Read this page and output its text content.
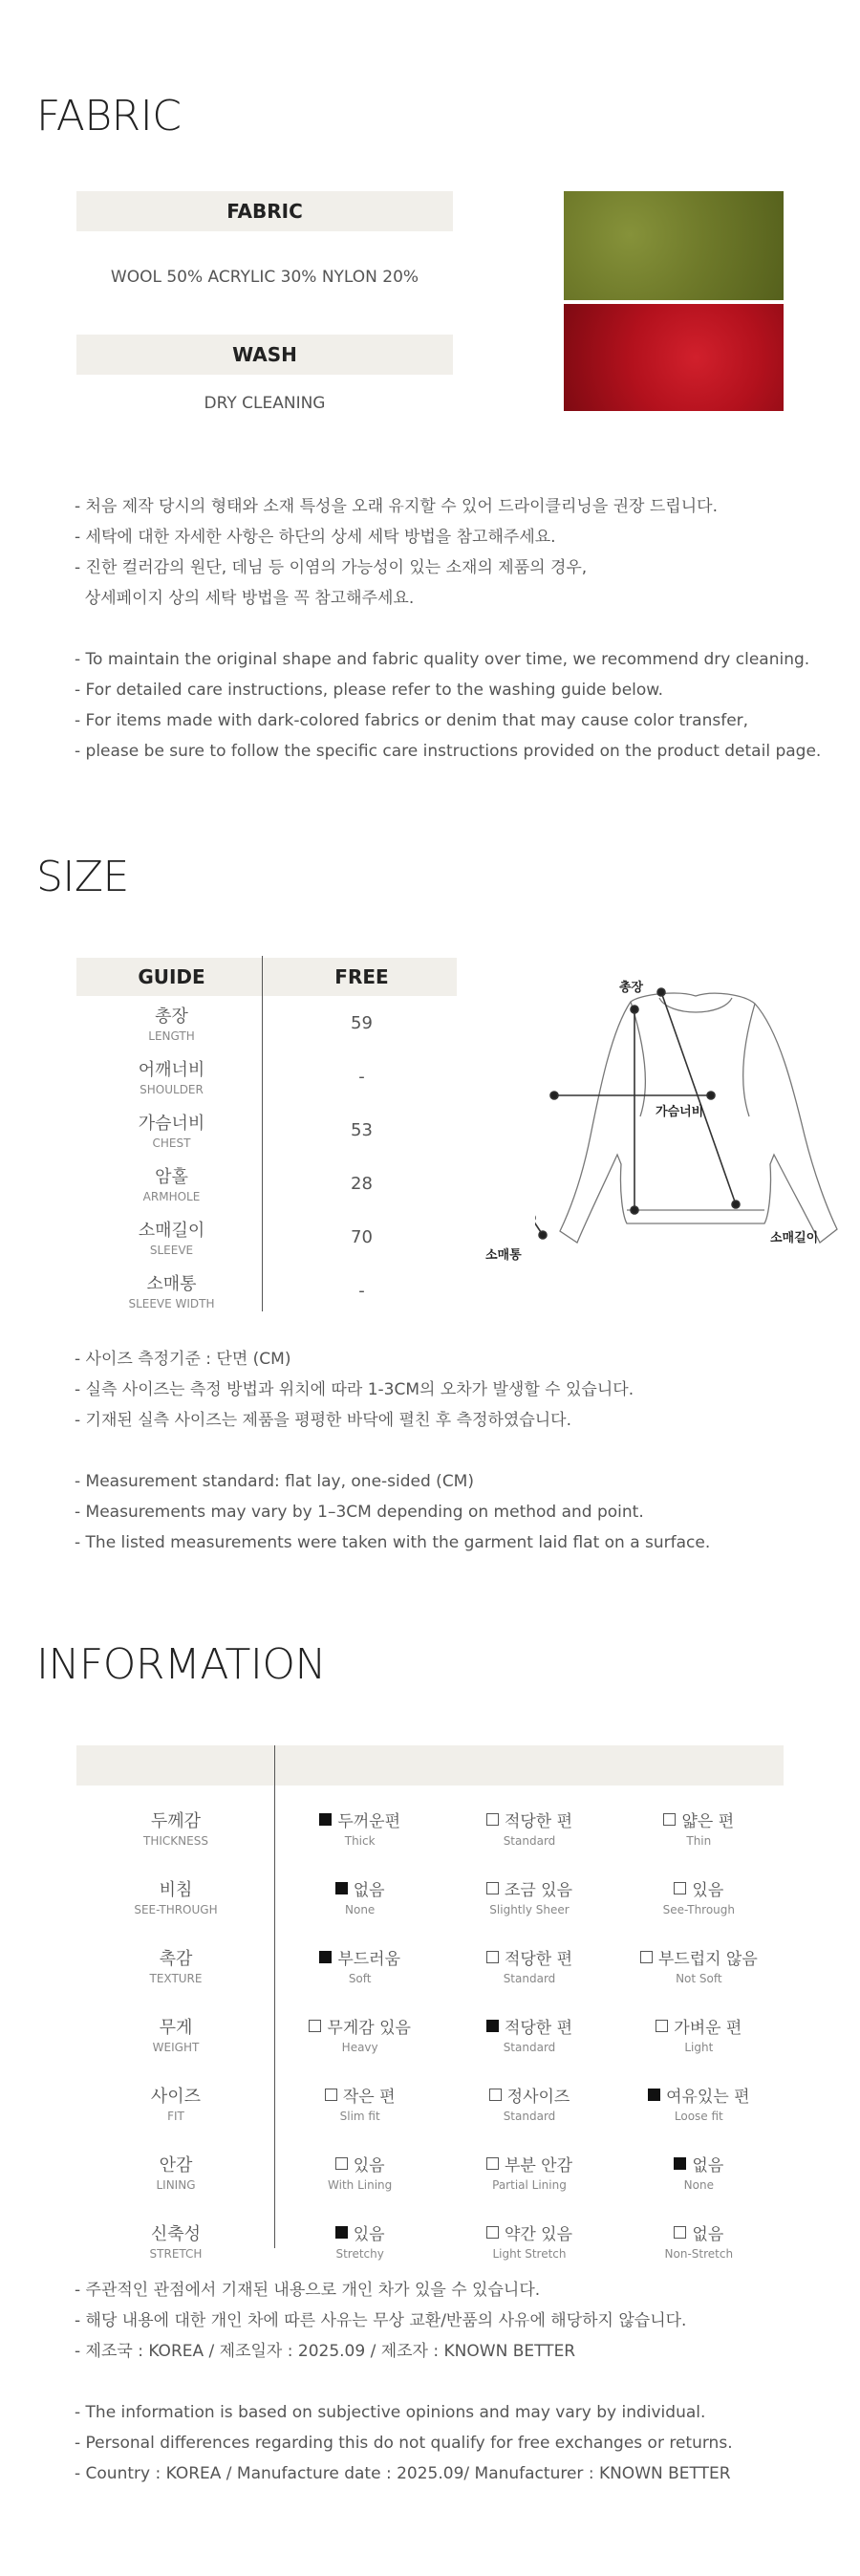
FABRIC
FABRIC
WOOL 50% ACRYLIC 30% NYLON 20%
WASH
DRY CLEANING
- 처음 제작 당시의 형태와 소재 특성을 오래 유지할 수 있어 드라이클리닝을 권장 드립니다.
- 세탁에 대한 자세한 사항은 하단의 상세 세탁 방법을 참고해주세요.
- 진한 컬러감의 원단, 데님 등 이염의 가능성이 있는 소재의 제품의 경우,
상세페이지 상의 세탁 방법을 꼭 참고해주세요.
- To maintain the original shape and fabric quality over time, we recommend dry cleaning.
- For detailed care instructions, please refer to the washing guide below.
- For items made with dark-colored fabrics or denim that may cause color transfer,
- please be sure to follow the specific care instructions provided on the product detail page.
SIZE
GUIDE	FREE
총장
LENGTH
59
어깨너비
SHOULDER
-
가슴너비
CHEST
53
암홀
ARMHOLE
28
소매길이
SLEEVE
70
소매통
SLEEVE WIDTH
-
총장
가슴너비
소매통
소매길이
- 사이즈 측정기준 : 단면 (CM)
- 실측 사이즈는 측정 방법과 위치에 따라 1-3CM의 오차가 발생할 수 있습니다.
- 기재된 실측 사이즈는 제품을 평평한 바닥에 펼친 후 측정하였습니다.
- Measurement standard: flat lay, one-sided (CM)
- Measurements may vary by 1–3CM depending on method and point.
- The listed measurements were taken with the garment laid flat on a surface.
INFORMATION
두께감
THICKNESS
두꺼운편
Thick
적당한 편
Standard
얇은 편
Thin
비침
SEE-THROUGH
없음
None
조금 있음
Slightly Sheer
있음
See-Through
촉감
TEXTURE
부드러움
Soft
적당한 편
Standard
부드럽지 않음
Not Soft
무게
WEIGHT
무게감 있음
Heavy
적당한 편
Standard
가벼운 편
Light
사이즈
FIT
작은 편
Slim fit
정사이즈
Standard
여유있는 편
Loose fit
안감
LINING
있음
With Lining
부분 안감
Partial Lining
없음
None
신축성
STRETCH
있음
Stretchy
약간 있음
Light Stretch
없음
Non-Stretch
- 주관적인 관점에서 기재된 내용으로 개인 차가 있을 수 있습니다.
- 해당 내용에 대한 개인 차에 따른 사유는 무상 교환/반품의 사유에 해당하지 않습니다.
- 제조국 : KOREA / 제조일자 : 2025.09 / 제조자 : KNOWN BETTER
- The information is based on subjective opinions and may vary by individual.
- Personal differences regarding this do not qualify for free exchanges or returns.
- Country : KOREA / Manufacture date : 2025.09/ Manufacturer : KNOWN BETTER
